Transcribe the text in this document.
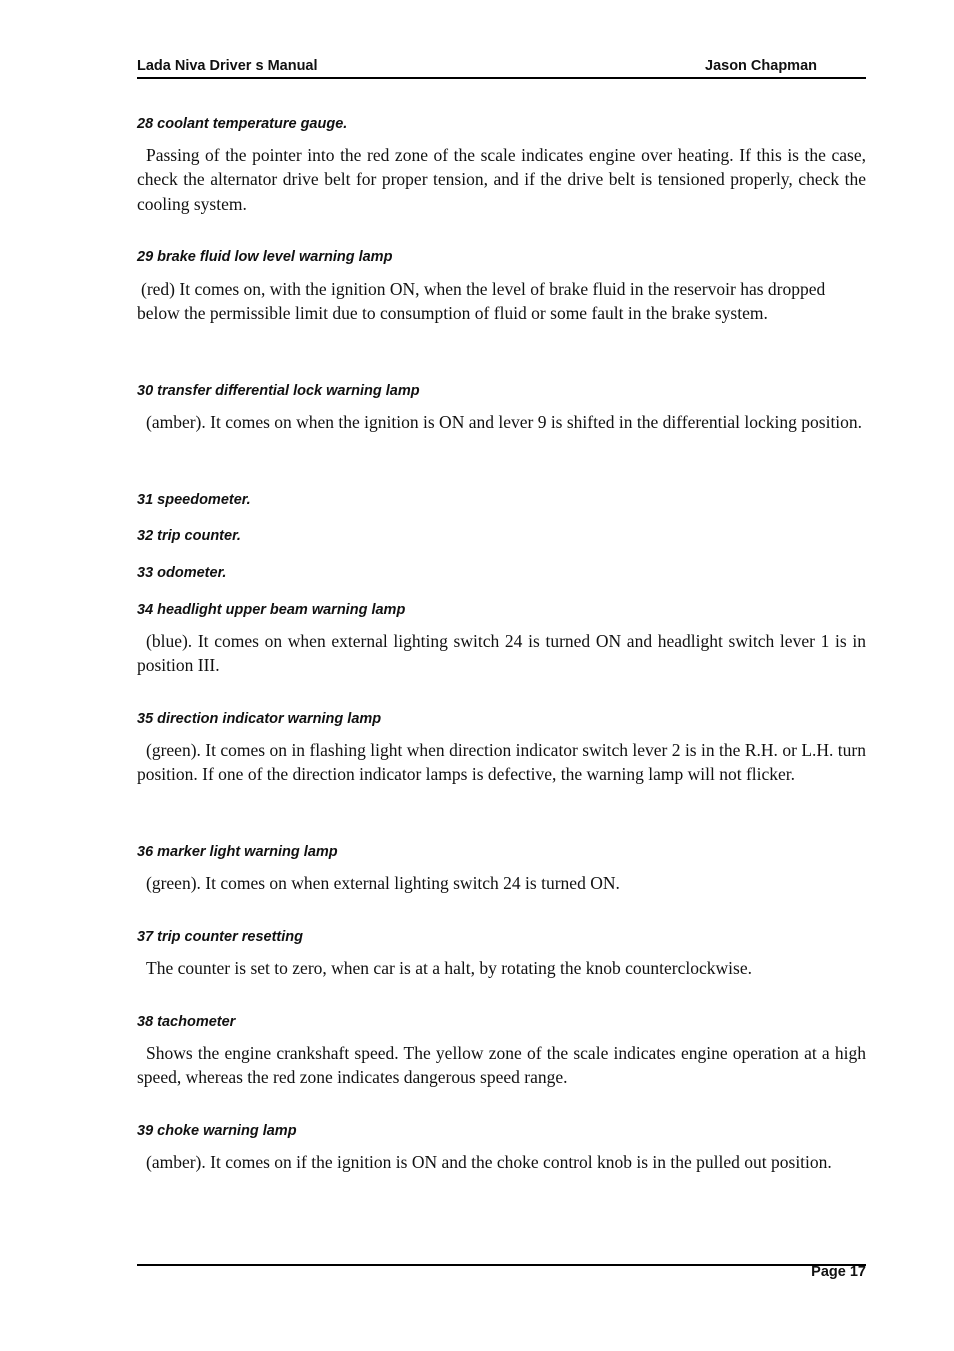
Lada Niva Driver s Manual	Jason Chapman
28 coolant temperature gauge.
Passing of the pointer into the red zone of the scale indicates engine over heating. If this is the case, check the alternator drive belt for proper tension, and if the drive belt is tensioned properly, check the cooling system.
29 brake fluid low level warning lamp
(red) It comes on, with the ignition ON, when the level of brake fluid in the reservoir has dropped below the permissible limit due to consumption of fluid or some fault in the brake system.
30 transfer differential lock warning lamp
(amber). It comes on when the ignition is ON and lever 9 is shifted in the differential locking position.
31 speedometer.
32 trip counter.
33 odometer.
34 headlight upper beam warning lamp
(blue). It comes on when external lighting switch 24 is turned ON and headlight switch lever 1 is in position III.
35 direction indicator warning lamp
(green). It comes on in flashing light when direction indicator switch lever 2 is in the R.H. or L.H. turn position. If one of the direction indicator lamps is defective, the warning lamp will not flicker.
36 marker light warning lamp
(green). It comes on when external lighting switch 24 is turned ON.
37 trip counter resetting
The counter is set to zero, when car is at a halt, by rotating the knob counterclockwise.
38 tachometer
Shows the engine crankshaft speed. The yellow zone of the scale indicates engine operation at a high speed, whereas the red zone indicates dangerous speed range.
39 choke warning lamp
(amber). It comes on if the ignition is ON and the choke control knob is in the pulled out position.
Page 17
